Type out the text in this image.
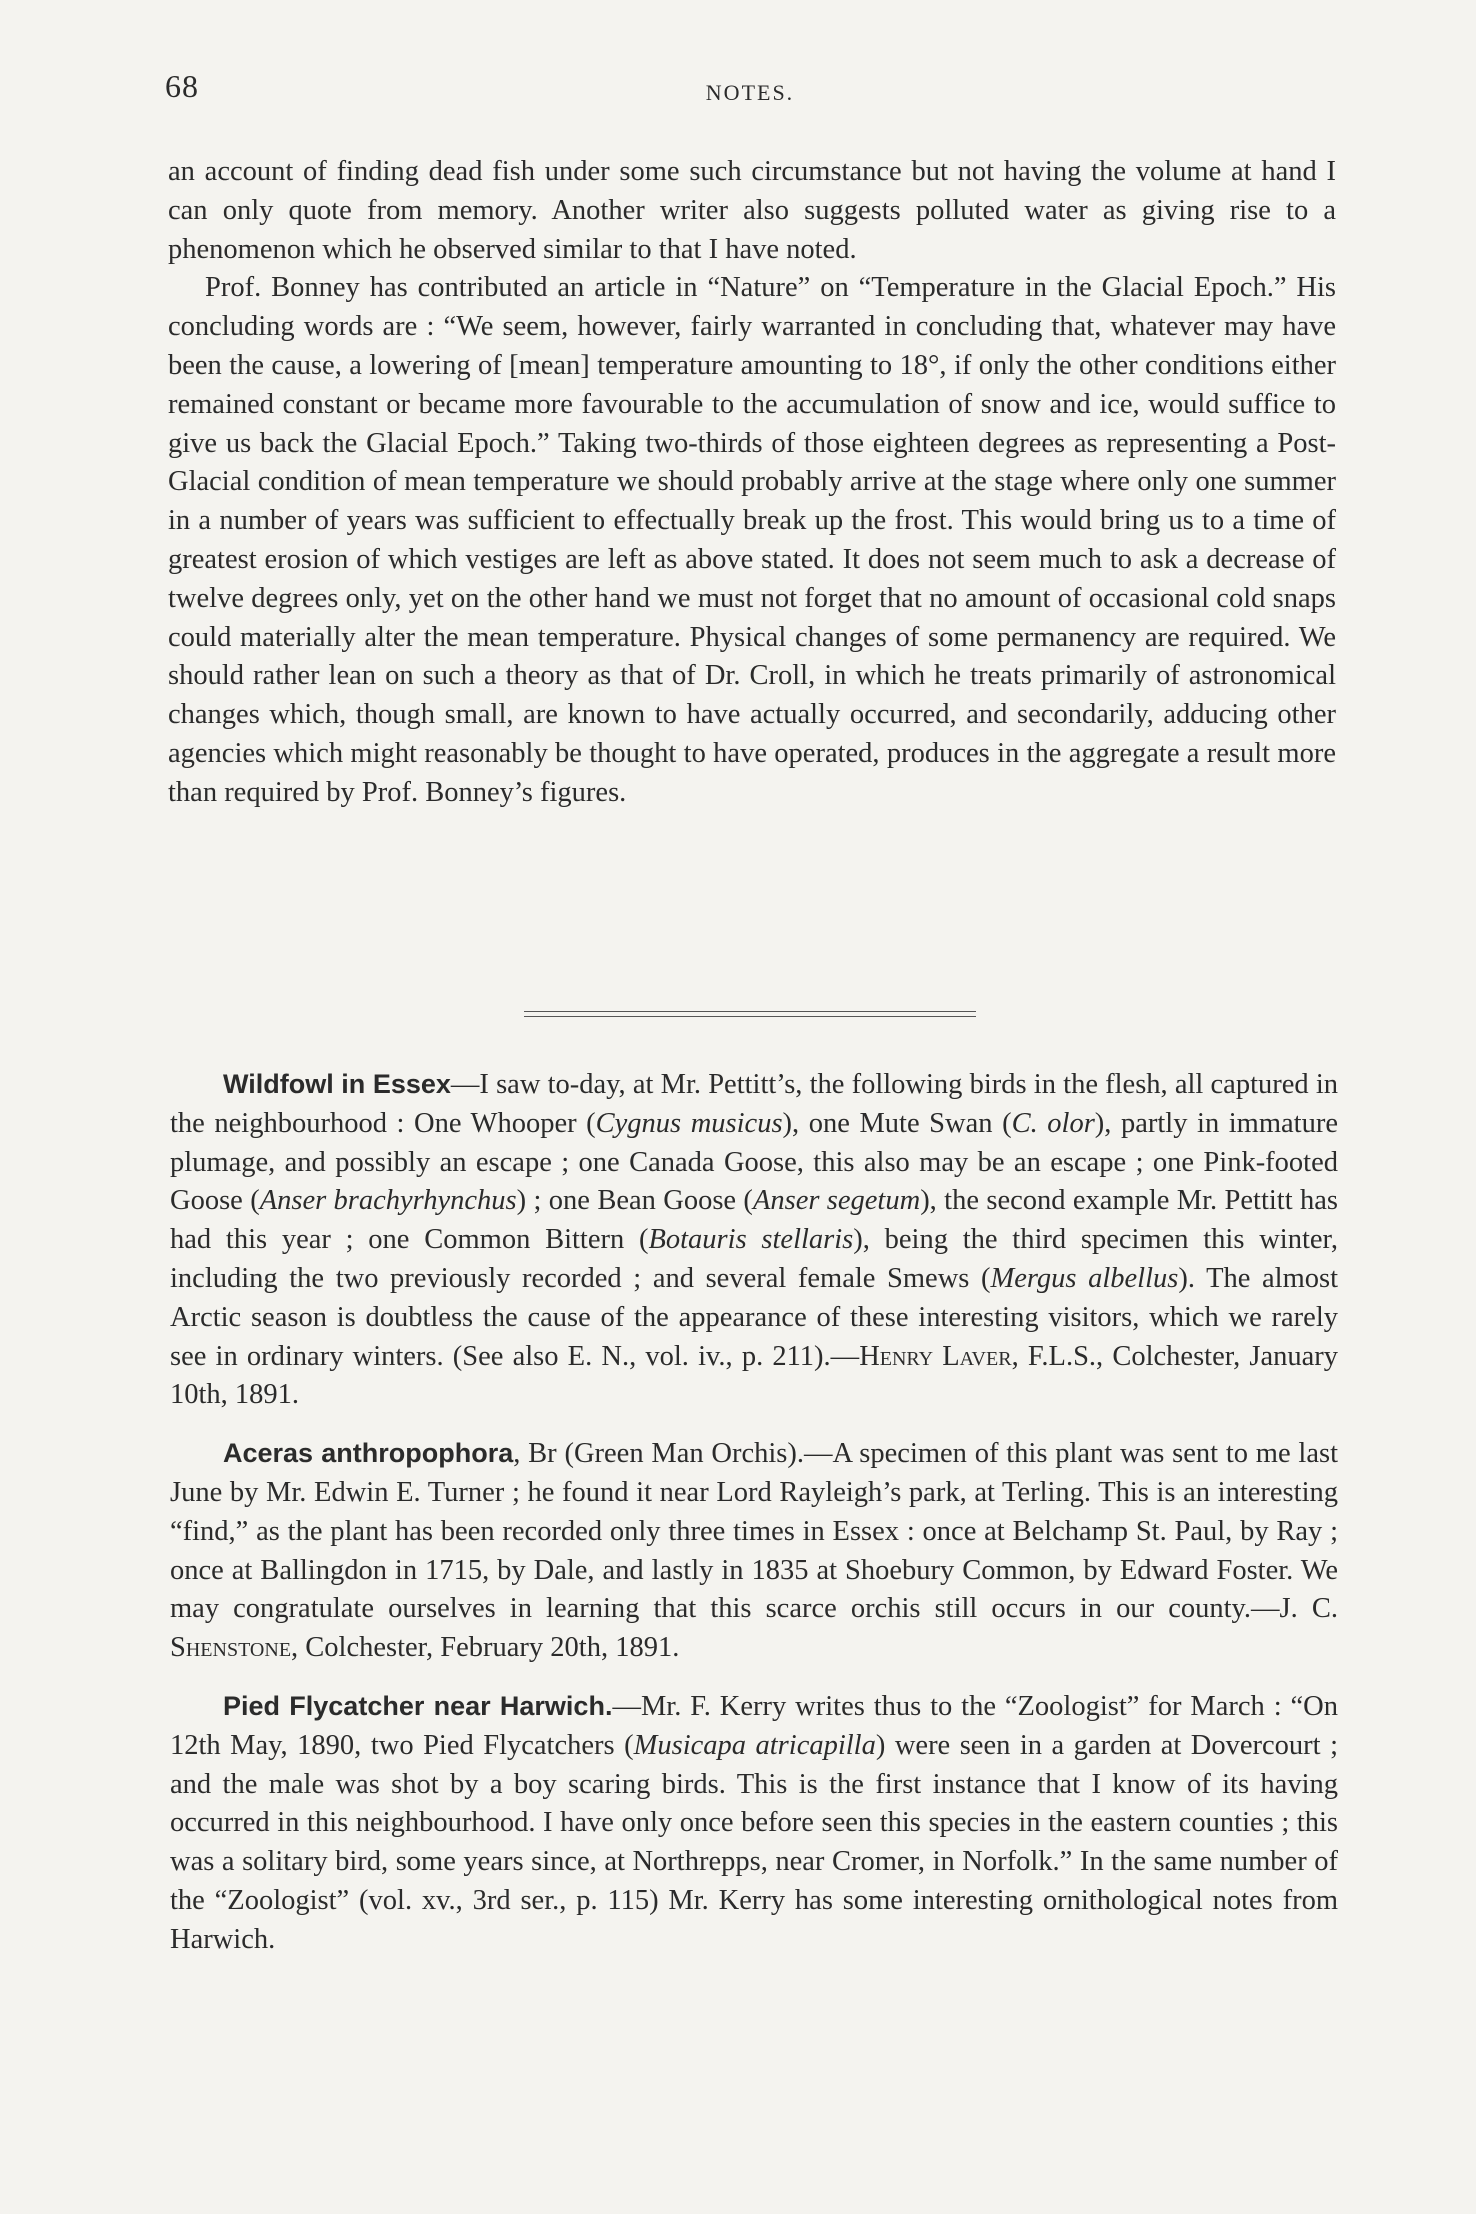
68	NOTES.

an account of finding dead fish under some such circumstance but not having the volume at hand I can only quote from memory. Another writer also suggests polluted water as giving rise to a phenomenon which he observed similar to that I have noted.

Prof. Bonney has contributed an article in “Nature” on “Temperature in the Glacial Epoch.” His concluding words are : “We seem, however, fairly warranted in concluding that, whatever may have been the cause, a lowering of [mean] temperature amounting to 18°, if only the other conditions either remained constant or became more favourable to the accumulation of snow and ice, would suffice to give us back the Glacial Epoch.” Taking two-thirds of those eighteen degrees as representing a Post-Glacial condition of mean temperature we should probably arrive at the stage where only one summer in a number of years was sufficient to effectually break up the frost. This would bring us to a time of greatest erosion of which vestiges are left as above stated. It does not seem much to ask a decrease of twelve degrees only, yet on the other hand we must not forget that no amount of occasional cold snaps could materially alter the mean temperature. Physical changes of some permanency are required. We should rather lean on such a theory as that of Dr. Croll, in which he treats primarily of astronomical changes which, though small, are known to have actually occurred, and secondarily, adducing other agencies which might reasonably be thought to have operated, produces in the aggregate a result more than required by Prof. Bonney’s figures.

Wildfowl in Essex—I saw to-day, at Mr. Pettitt’s, the following birds in the flesh, all captured in the neighbourhood : One Whooper (Cygnus musicus), one Mute Swan (C. olor), partly in immature plumage, and possibly an escape ; one Canada Goose, this also may be an escape ; one Pink-footed Goose (Anser brachyrhynchus) ; one Bean Goose (Anser segetum), the second example Mr. Pettitt has had this year ; one Common Bittern (Botauris stellaris), being the third specimen this winter, including the two previously recorded ; and several female Smews (Mergus albellus). The almost Arctic season is doubtless the cause of the appearance of these interesting visitors, which we rarely see in ordinary winters. (See also E. N., vol. iv., p. 211).—Henry Laver, F.L.S., Colchester, January 10th, 1891.

Aceras anthropophora, Br (Green Man Orchis).—A specimen of this plant was sent to me last June by Mr. Edwin E. Turner ; he found it near Lord Rayleigh’s park, at Terling. This is an interesting “find,” as the plant has been recorded only three times in Essex : once at Belchamp St. Paul, by Ray ; once at Ballingdon in 1715, by Dale, and lastly in 1835 at Shoebury Common, by Edward Foster. We may congratulate ourselves in learning that this scarce orchis still occurs in our county.—J. C. Shenstone, Colchester, February 20th, 1891.

Pied Flycatcher near Harwich.—Mr. F. Kerry writes thus to the “Zoologist” for March : “On 12th May, 1890, two Pied Flycatchers (Musicapa atricapilla) were seen in a garden at Dovercourt ; and the male was shot by a boy scaring birds. This is the first instance that I know of its having occurred in this neighbourhood. I have only once before seen this species in the eastern counties ; this was a solitary bird, some years since, at Northrepps, near Cromer, in Norfolk.” In the same number of the “Zoologist” (vol. xv., 3rd ser., p. 115) Mr. Kerry has some interesting ornithological notes from Harwich.
